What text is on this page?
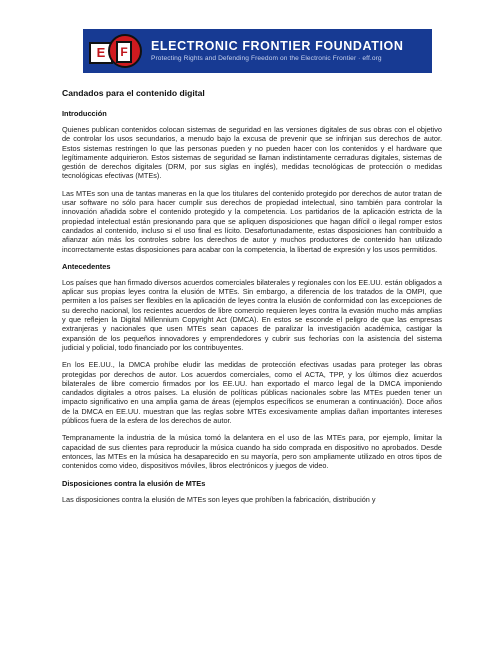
E	F	ELECTRONIC FRONTIER FOUNDATION
Protecting Rights and Defending Freedom on the Electronic Frontier · eff.org
Candados para el contenido digital
Introducción

Quienes publican contenidos colocan sistemas de seguridad en las versiones digitales de sus obras con el objetivo de controlar los usos secundarios, a menudo bajo la excusa de prevenir que se infrinjan sus derechos de autor. Estos sistemas restringen lo que las personas pueden y no pueden hacer con los contenidos y el hardware que legítimamente adquirieron. Estos sistemas de seguridad se llaman indistintamente cerraduras digitales, sistemas de gestión de derechos digitales (DRM, por sus siglas en inglés), medidas tecnológicas de protección o medidas tecnológicas efectivas (MTEs).

Las MTEs son una de tantas maneras en la que los titulares del contenido protegido por derechos de autor tratan de usar software no sólo para hacer cumplir sus derechos de propiedad intelectual, sino también para controlar la innovación añadida sobre el contenido protegido y la competencia. Los partidarios de la aplicación estricta de la propiedad intelectual están presionando para que se apliquen disposiciones que hagan difícil o ilegal romper estos candados al contenido, incluso si el uso final es lícito. Desafortunadamente, estas disposiciones han contribuido a afianzar aún más los controles sobre los derechos de autor y muchos productores de contenido han utilizado incorrectamente estas disposiciones para acabar con la competencia, la libertad de expresión y los usos permitidos.

Antecedentes

Los países que han firmado diversos acuerdos comerciales bilaterales y regionales con los EE.UU. están obligados a aplicar sus propias leyes contra la elusión de MTEs. Sin embargo, a diferencia de los tratados de la OMPI, que permiten a los países ser flexibles en la aplicación de leyes contra la elusión de conformidad con las excepciones de su derecho nacional, los recientes acuerdos de libre comercio requieren leyes contra la evasión mucho más amplias y que reflejen la Digital Millennium Copyright Act (DMCA). En estos se esconde el peligro de que las empresas extranjeras y nacionales que usen MTEs sean capaces de paralizar la investigación académica, castigar la expansión de los pequeños innovadores y emprendedores y cubrir sus fechorías con la asistencia del sistema judicial y policial, todo financiado por los contribuyentes.

En los EE.UU., la DMCA prohíbe eludir las medidas de protección efectivas usadas para proteger las obras protegidas por derechos de autor. Los acuerdos comerciales, como el ACTA, TPP, y los últimos diez acuerdos bilaterales de libre comercio firmados por los EE.UU. han exportado el marco legal de la DMCA imponiendo candados digitales a otros países. La elusión de políticas públicas nacionales sobre las MTEs pueden tener un impacto significativo en una amplia gama de áreas (ejemplos específicos se enumeran a continuación). Doce años de la DMCA en EE.UU. muestran que las reglas sobre MTEs excesivamente amplias dañan importantes intereses públicos fuera de la esfera de los derechos de autor.

Tempranamente la industria de la música tomó la delantera en el uso de las MTEs para, por ejemplo, limitar la capacidad de sus clientes para reproducir la música cuando ha sido comprada en dispositivo no aprobados. Desde entonces, las MTEs en la música ha desaparecido en su mayoría, pero son ampliamente utilizado en otros tipos de contenidos como video, dispositivos móviles, libros electrónicos y juegos de video.

Disposiciones contra la elusión de MTEs

Las disposiciones contra la elusión de MTEs son leyes que prohíben la fabricación, distribución y
